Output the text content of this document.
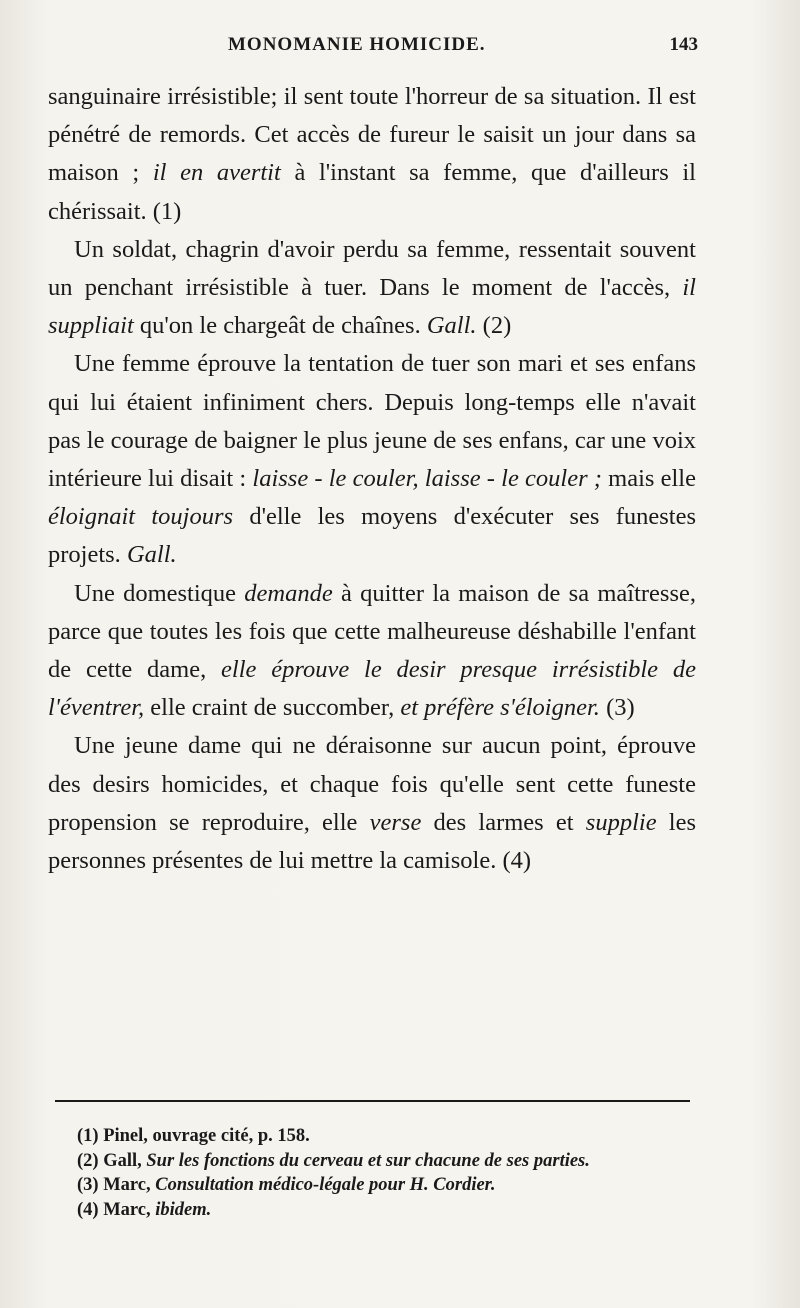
MONOMANIE HOMICIDE.	143

sanguinaire irrésistible; il sent toute l'horreur de sa situation. Il est pénétré de remords. Cet accès de fureur le saisit un jour dans sa maison ; il en avertit à l'instant sa femme, que d'ailleurs il chérissait. (1)

Un soldat, chagrin d'avoir perdu sa femme, ressentait souvent un penchant irrésistible à tuer. Dans le moment de l'accès, il suppliait qu'on le chargeât de chaînes. Gall. (2)

Une femme éprouve la tentation de tuer son mari et ses enfans qui lui étaient infiniment chers. Depuis long-temps elle n'avait pas le courage de baigner le plus jeune de ses enfans, car une voix intérieure lui disait : laisse - le couler, laisse - le couler ; mais elle éloignait toujours d'elle les moyens d'exécuter ses funestes projets. Gall.

Une domestique demande à quitter la maison de sa maîtresse, parce que toutes les fois que cette malheureuse déshabille l'enfant de cette dame, elle éprouve le desir presque irrésistible de l'éventrer, elle craint de succomber, et préfère s'éloigner. (3)

Une jeune dame qui ne déraisonne sur aucun point, éprouve des desirs homicides, et chaque fois qu'elle sent cette funeste propension se reproduire, elle verse des larmes et supplie les personnes présentes de lui mettre la camisole. (4)

(1) Pinel, ouvrage cité, p. 158.

(2) Gall, Sur les fonctions du cerveau et sur chacune de ses parties.

(3) Marc, Consultation médico-légale pour H. Cordier.

(4) Marc, ibidem.
